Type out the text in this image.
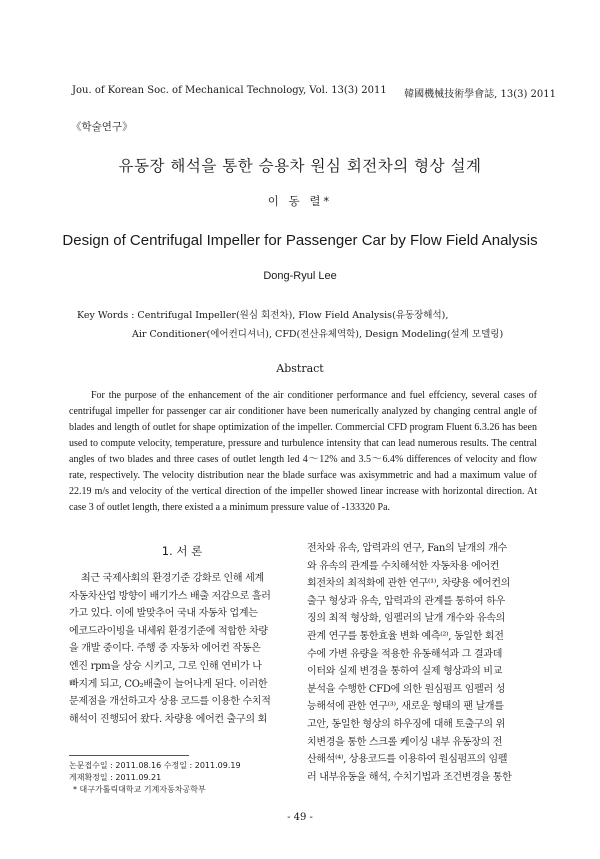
Jou. of Korean Soc. of Mechanical Technology, Vol. 13(3) 2011 韓國機械技術學會誌, 13(3) 2011
《학술연구》
유동장 해석을 통한 승용차 원심 회전차의 형상 설계
이 동 렬*
Design of Centrifugal Impeller for Passenger Car by Flow Field Analysis
Dong-Ryul Lee
Key Words : Centrifugal Impeller(원심 회전차), Flow Field Analysis(유동장해석),
Air Conditioner(에어컨디셔너), CFD(전산유체역학), Design Modeling(설계 모델링)
Abstract

For the purpose of the enhancement of the air conditioner performance and fuel effciency, several cases of centrifugal impeller for passenger car air conditioner have been numerically analyzed by changing central angle of blades and length of outlet for shape optimization of the impeller. Commercial CFD program Fluent 6.3.26 has been used to compute velocity, temperature, pressure and turbulence intensity that can lead numerous results. The central angles of two blades and three cases of outlet length led 4～12% and 3.5～6.4% differences of velocity and flow rate, respectively. The velocity distribution near the blade surface was axisymmetric and had a maximum value of 22.19 m/s and velocity of the vertical direction of the impeller showed linear increase with horizontal direction. At case 3 of outlet length, there existed a a minimum pressure value of -133320 Pa.

1. 서 론
최근 국제사회의 환경기준 강화로 인해 세계
자동차산업 방향이 배기가스 배출 저감으로 흘러
가고 있다. 이에 발맞추어 국내 자동차 업계는
에코드라이빙을 내세워 환경기준에 적합한 차량
을 개발 중이다. 주행 중 자동차 에어컨 작동은
엔진 rpm을 상승 시키고, 그로 인해 연비가 나
빠지게 되고, CO₂배출이 늘어나게 된다. 이러한
문제점을 개선하고자 상용 코드를 이용한 수치적
해석이 진행되어 왔다. 차량용 에어컨 출구의 회
전차와 유속, 압력과의 연구, Fan의 날개의 개수
와 유속의 관계를 수치해석한 자동차용 에어컨
회전차의 최적화에 관한 연구⁽¹⁾, 차량용 에어컨의
출구 형상과 유속, 압력과의 관계를 통하여 하우
징의 최적 형상화, 임펠러의 날개 개수와 유속의
관계 연구를 통한효율 변화 예측⁽²⁾, 동일한 회전
수에 가변 유량을 적용한 유동해석과 그 결과데
이터와 실제 변경을 통하여 실제 형상과의 비교
분석을 수행한 CFD에 의한 원심펌프 임펠러 성
능해석에 관한 연구⁽³⁾, 새로운 형태의 팬 날개를
고안, 동일한 형상의 하우징에 대해 토출구의 위
치변경을 통한 스크롤 케이싱 내부 유동장의 전
산해석⁽⁴⁾, 상용코드를 이용하여 원심펌프의 임펠
러 내부유동을 해석, 수치기법과 조건변경을 통한
논문접수일 : 2011.08.16 수정일 : 2011.09.19
게재확정일 : 2011.09.21
* 대구가톨릭대학교 기계자동차공학부
- 49 -
